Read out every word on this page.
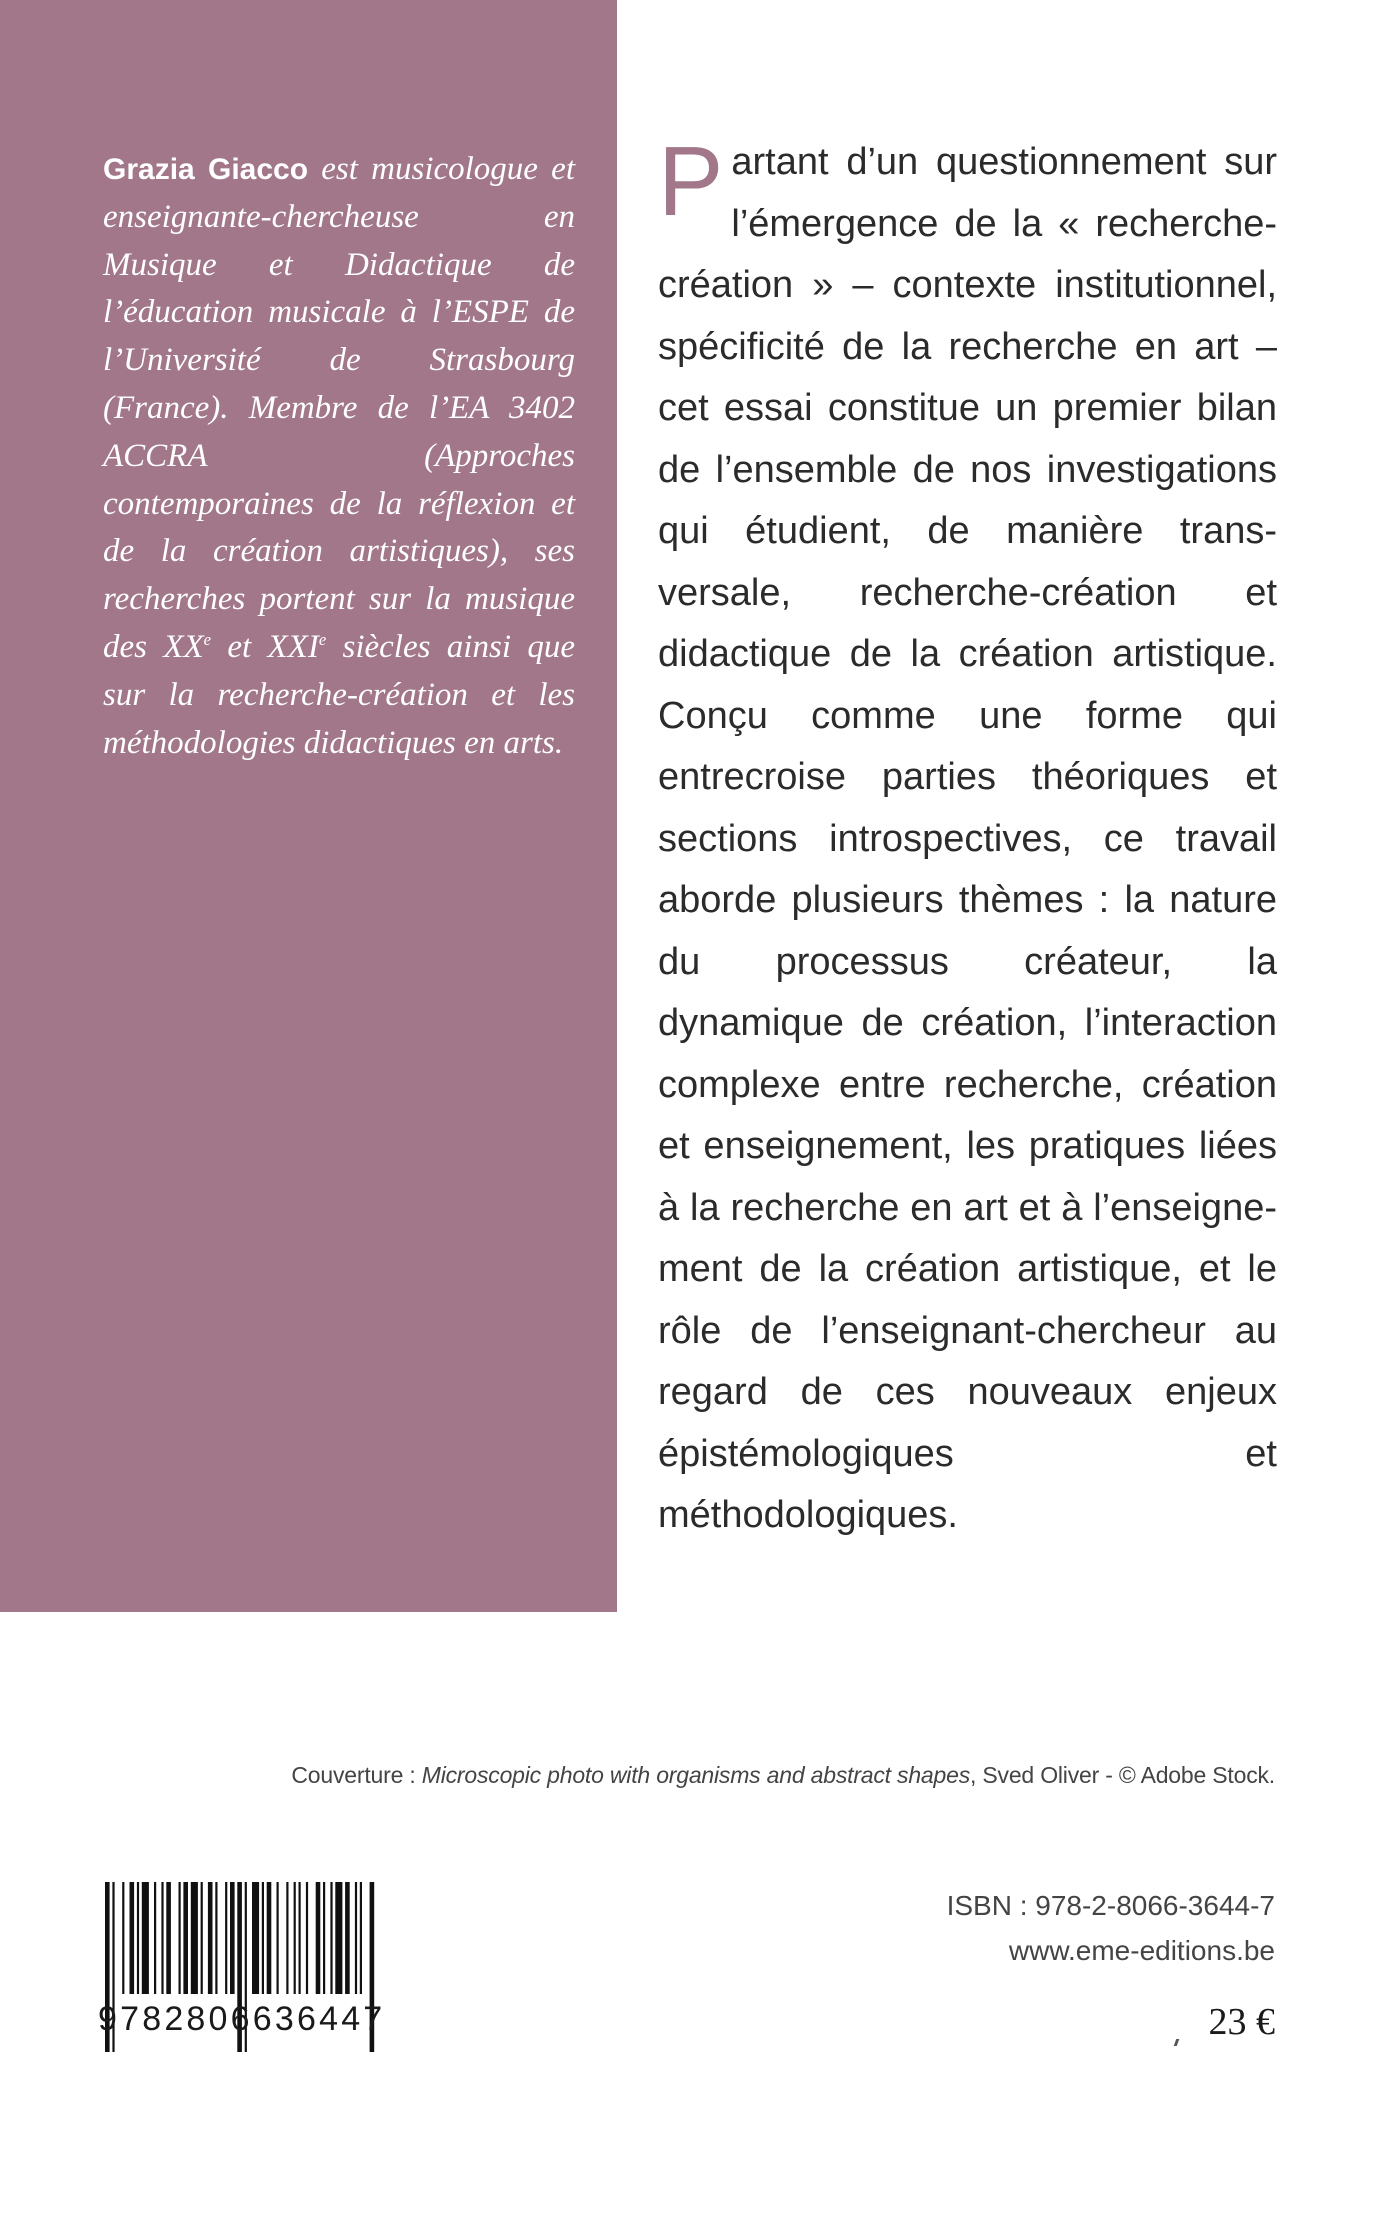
Grazia Giacco est musicologue et enseignante-chercheuse en Musique et Didactique de l’éducation musicale à l’ESPE de l’Université de Strasbourg (France). Membre de l’EA 3402 ACCRA (Approches contemporaines de la réflexion et de la création artistiques), ses recherches portent sur la musique des XXe et XXIe siècles ainsi que sur la recherche-création et les méthodologies didactiques en arts.

Partant d’un questionnement sur l’émergence de la « recherche-création » – contexte institutionnel, spécificité de la recherche en art – cet essai constitue un premier bilan de l’ensemble de nos investigations qui étudient, de manière transversale, recherche-création et didactique de la création artistique. Conçu comme une forme qui entrecroise parties théoriques et sections introspectives, ce travail aborde plusieurs thèmes : la nature du processus créateur, la dynamique de création, l’interaction complexe entre recherche, création et enseignement, les pratiques liées à la recherche en art et à l’enseignement de la création artistique, et le rôle de l’enseignant-chercheur au regard de ces nouveaux enjeux épistémologiques et méthodologiques.

Couverture : Microscopic photo with organisms and abstract shapes, Sved Oliver - © Adobe Stock.
9782806636447
ISBN : 978-2-8066-3644-7
www.eme-editions.be
23 €
